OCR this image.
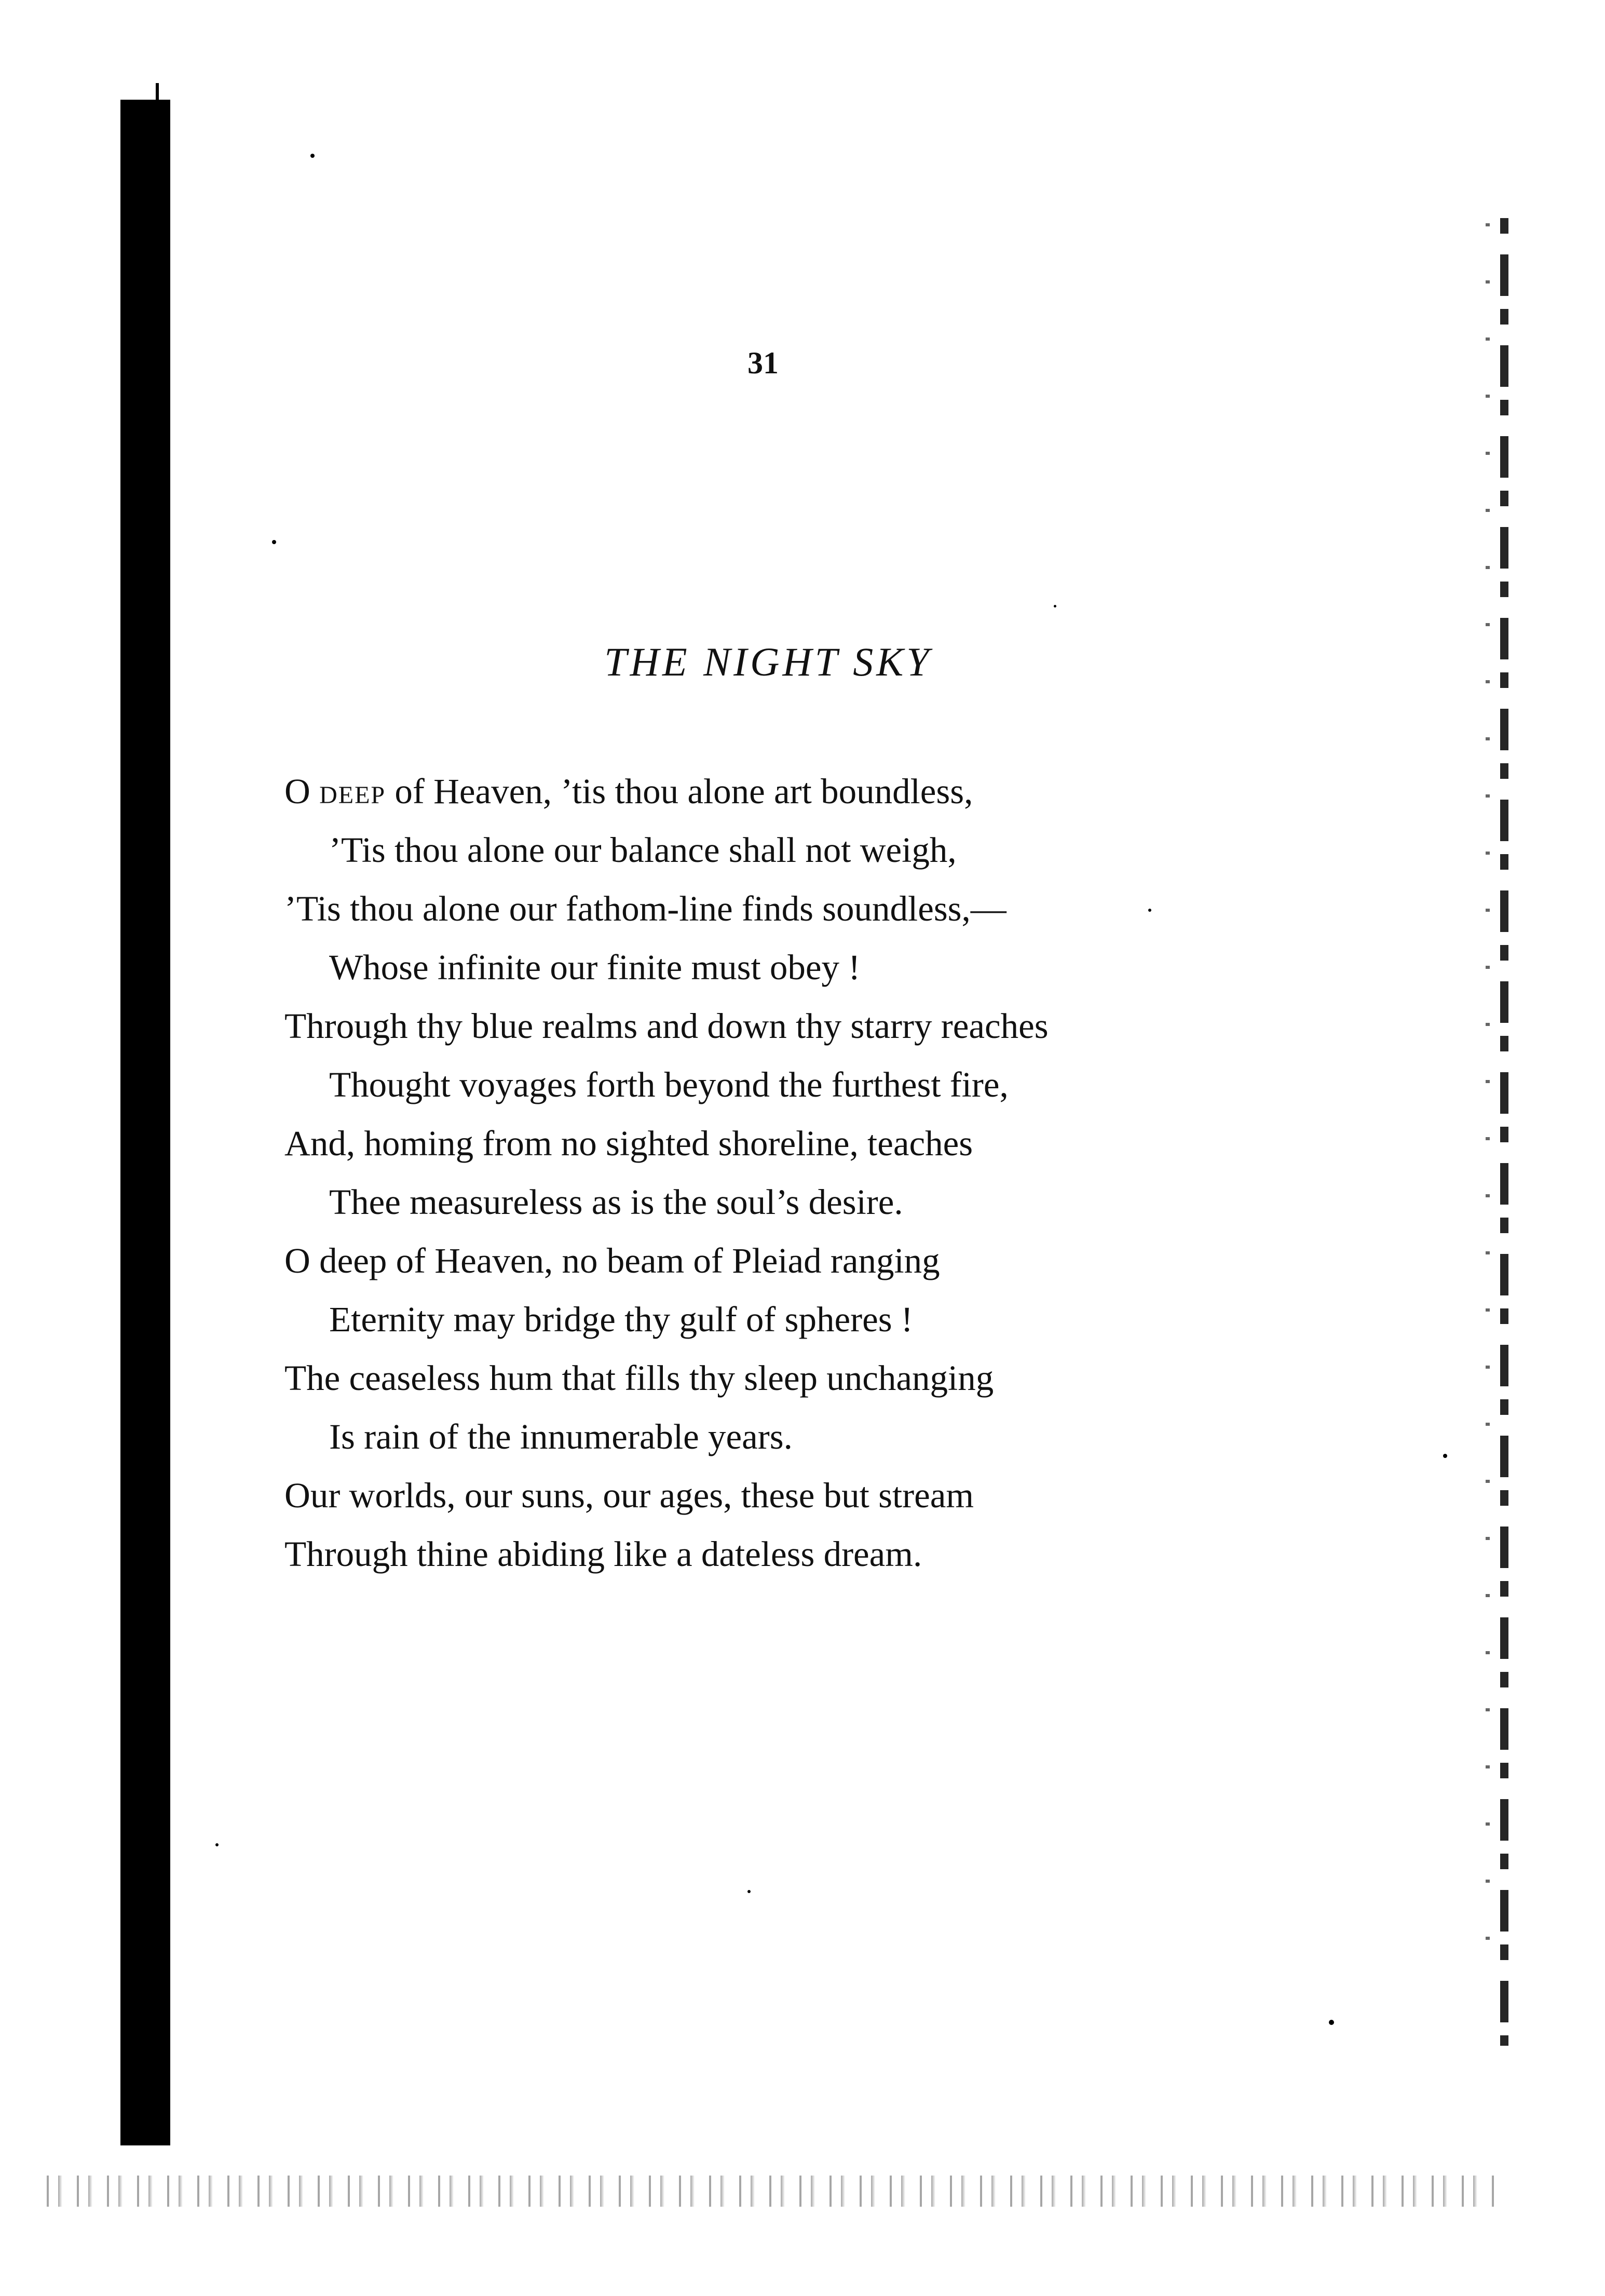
31
THE NIGHT SKY
O deep of Heaven, ’tis thou alone art boundless,
’Tis thou alone our balance shall not weigh,
’Tis thou alone our fathom-line finds soundless,—
Whose infinite our finite must obey !
Through thy blue realms and down thy starry reaches
Thought voyages forth beyond the furthest fire,
And, homing from no sighted shoreline, teaches
Thee measureless as is the soul’s desire.
O deep of Heaven, no beam of Pleiad ranging
Eternity may bridge thy gulf of spheres !
The ceaseless hum that fills thy sleep unchanging
Is rain of the innumerable years.
Our worlds, our suns, our ages, these but stream
Through thine abiding like a dateless dream.
